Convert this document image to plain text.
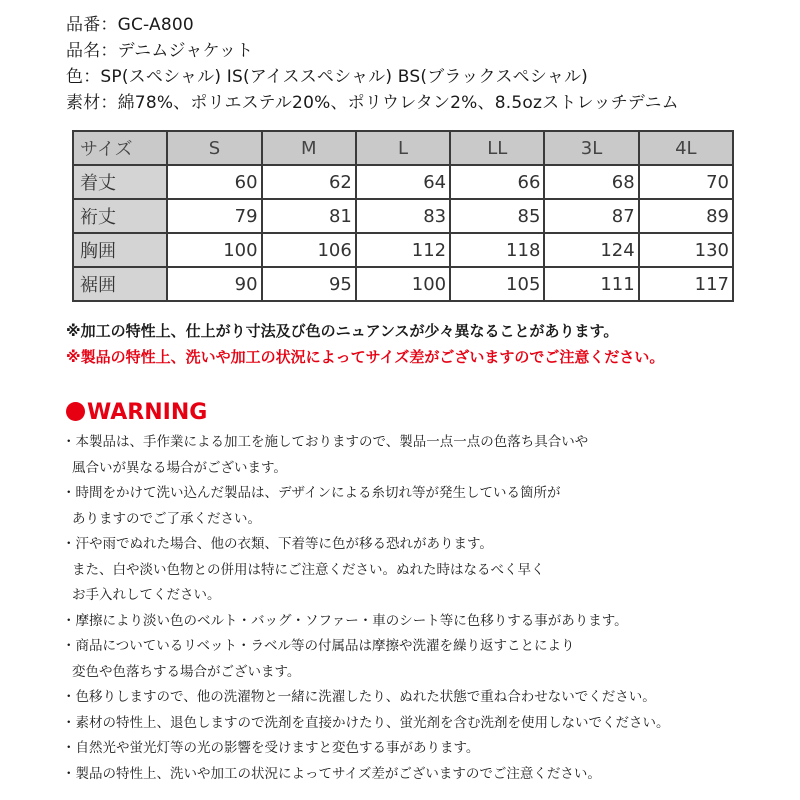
品番：GC-A800
品名：デニムジャケット
色：SP(スペシャル) IS(アイススペシャル) BS(ブラックスペシャル)
素材：綿78%、ポリエステル20%、ポリウレタン2%、8.5ozストレッチデニム
サイズ	S	M	L	LL	3L	4L
着丈	60	62	64	66	68	70
裄丈	79	81	83	85	87	89
胸囲	100	106	112	118	124	130
裾囲	90	95	100	105	111	117
※加工の特性上、仕上がり寸法及び色のニュアンスが少々異なることがあります。
※製品の特性上、洗いや加工の状況によってサイズ差がございますのでご注意ください。
WARNING
・本製品は、手作業による加工を施しておりますので、製品一点一点の色落ち具合いや
風合いが異なる場合がございます。
・時間をかけて洗い込んだ製品は、デザインによる糸切れ等が発生している箇所が
ありますのでご了承ください。
・汗や雨でぬれた場合、他の衣類、下着等に色が移る恐れがあります。
また、白や淡い色物との併用は特にご注意ください。ぬれた時はなるべく早く
お手入れしてください。
・摩擦により淡い色のベルト・バッグ・ソファー・車のシート等に色移りする事があります。
・商品についているリベット・ラベル等の付属品は摩擦や洗濯を繰り返すことにより
変色や色落ちする場合がございます。
・色移りしますので、他の洗濯物と一緒に洗濯したり、ぬれた状態で重ね合わせないでください。
・素材の特性上、退色しますので洗剤を直接かけたり、蛍光剤を含む洗剤を使用しないでください。
・自然光や蛍光灯等の光の影響を受けますと変色する事があります。
・製品の特性上、洗いや加工の状況によってサイズ差がございますのでご注意ください。
